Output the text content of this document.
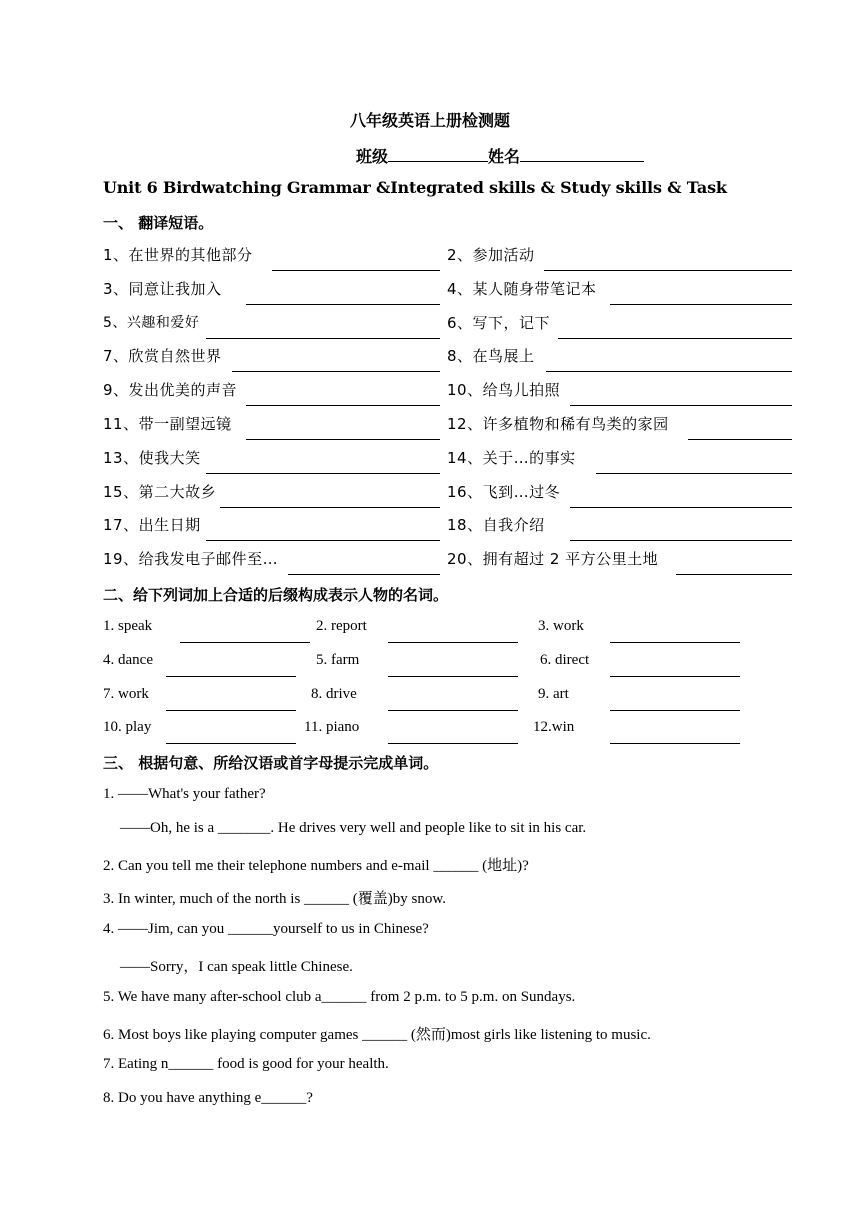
八年级英语上册检测题
班级	姓名
Unit 6 Birdwatching Grammar &Integrated skills & Study skills & Task
一、 翻译短语。
1、在世界的其他部分	2、参加活动
3、同意让我加入	4、某人随身带笔记本
5、兴趣和爱好	6、写下，记下
7、欣赏自然世界	8、在鸟展上
9、发出优美的声音	10、给鸟儿拍照
11、带一副望远镜	12、许多植物和稀有鸟类的家园
13、使我大笑	14、关于…的事实
15、第二大故乡	16、飞到…过冬
17、出生日期	18、自我介绍
19、给我发电子邮件至…	20、拥有超过 2 平方公里土地
二、给下列词加上合适的后缀构成表示人物的名词。
1. speak	2. report	3. work
4. dance	5. farm	6. direct
7. work	8. drive	9. art
10. play	11. piano	12.win
三、 根据句意、所给汉语或首字母提示完成单词。
1. ——What's your father?
——Oh, he is a _______. He drives very well and people like to sit in his car.
2. Can you tell me their telephone numbers and e-mail ______ (地址)?
3. In winter, much of the north is ______ (覆盖)by snow.
4. ——Jim, can you ______yourself to us in Chinese?
——Sorry，I can speak little Chinese.
5. We have many after-school club a______ from 2 p.m. to 5 p.m. on Sundays.
6. Most boys like playing computer games ______ (然而)most girls like listening to music.
7. Eating n______ food is good for your health.
8. Do you have anything e______?
